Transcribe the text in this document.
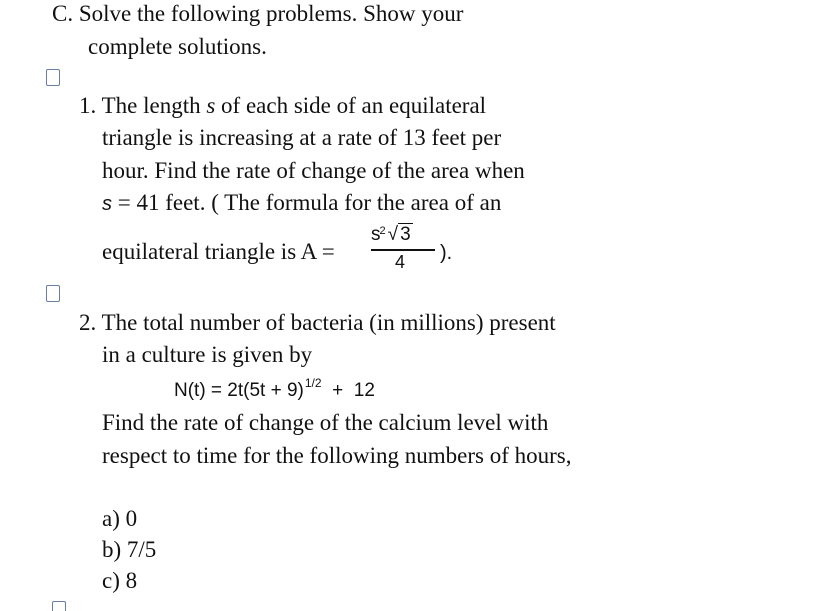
C. Solve the following problems. Show your
complete solutions.
1. The length s of each side of an equilateral
triangle is increasing at a rate of 13 feet per
hour. Find the rate of change of the area when
s = 41 feet. ( The formula for the area of an
equilateral triangle is A =
$s^2$ √ 3
4 ).
2. The total number of bacteria (in millions) present
in a culture is given by
$N(t) = 2t(5t + 9)^{1/2} + 12$
Find the rate of change of the calcium level with
respect to time for the following numbers of hours,
a) 0
b) 7/5
c) 8
